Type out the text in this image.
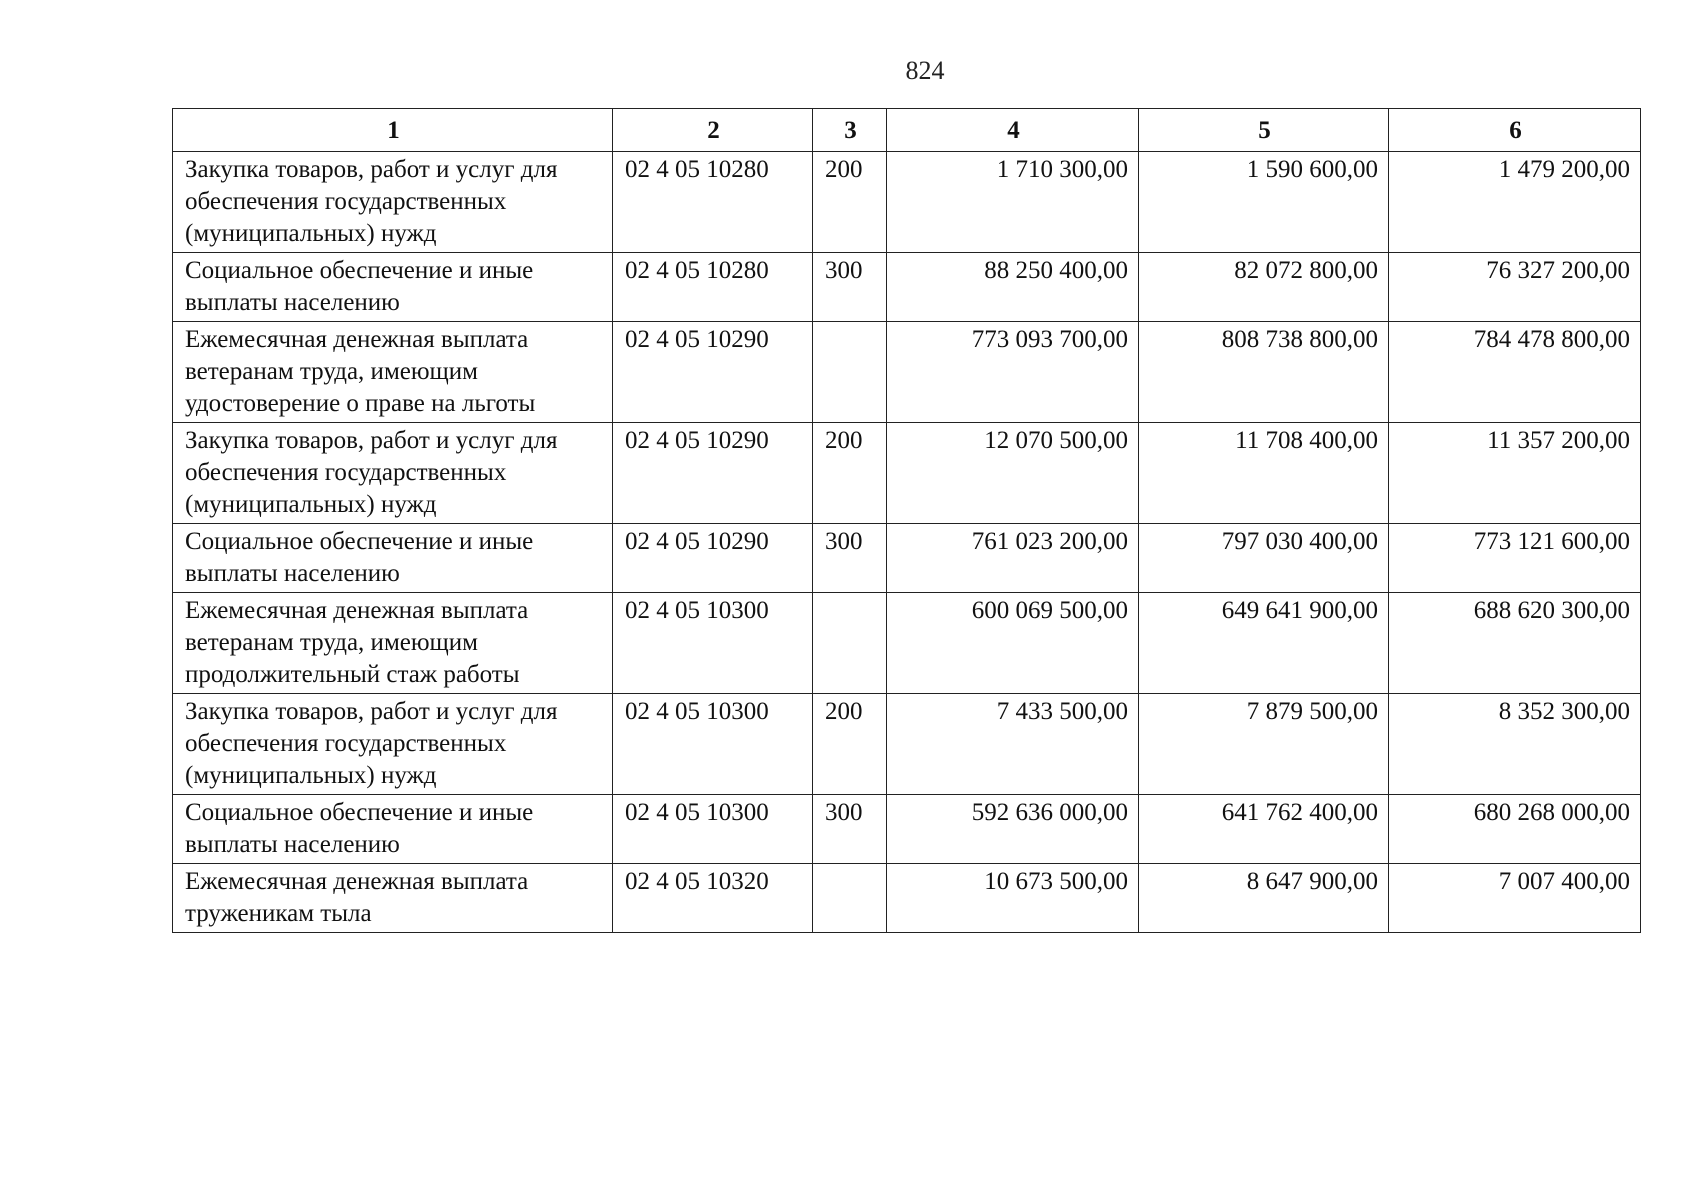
824
1	2	3	4	5	6
Закупка товаров, работ и услуг для обеспечения государственных (муниципальных) нужд	02 4 05 10280	200	1 710 300,00	1 590 600,00	1 479 200,00
Социальное обеспечение и иные выплаты населению	02 4 05 10280	300	88 250 400,00	82 072 800,00	76 327 200,00
Ежемесячная денежная выплата ветеранам труда, имеющим удостоверение о праве на льготы	02 4 05 10290		773 093 700,00	808 738 800,00	784 478 800,00
Закупка товаров, работ и услуг для обеспечения государственных (муниципальных) нужд	02 4 05 10290	200	12 070 500,00	11 708 400,00	11 357 200,00
Социальное обеспечение и иные выплаты населению	02 4 05 10290	300	761 023 200,00	797 030 400,00	773 121 600,00
Ежемесячная денежная выплата ветеранам труда, имеющим продолжительный стаж работы	02 4 05 10300		600 069 500,00	649 641 900,00	688 620 300,00
Закупка товаров, работ и услуг для обеспечения государственных (муниципальных) нужд	02 4 05 10300	200	7 433 500,00	7 879 500,00	8 352 300,00
Социальное обеспечение и иные выплаты населению	02 4 05 10300	300	592 636 000,00	641 762 400,00	680 268 000,00
Ежемесячная денежная выплата труженикам тыла	02 4 05 10320		10 673 500,00	8 647 900,00	7 007 400,00
